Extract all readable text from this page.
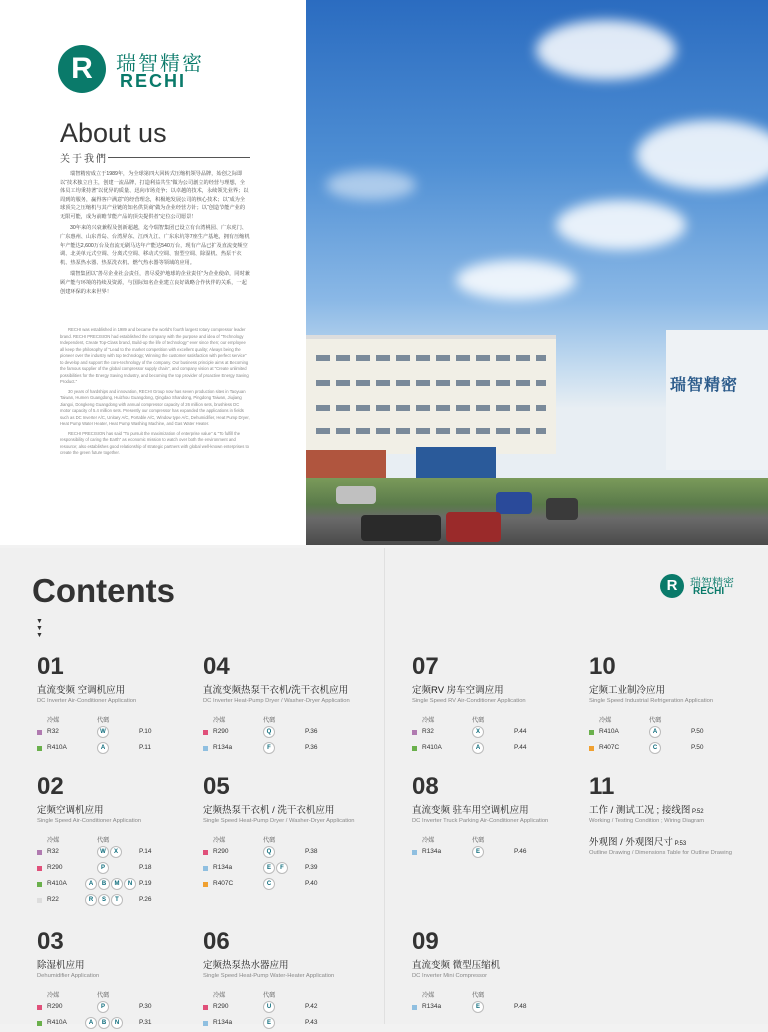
R	瑞智精密
RECHI
About us
关于我們

瑞智精密成立于1989年，为全球第四大回转式压缩机领导品牌，始创之际即以“技术独立自主，创建一流品牌，打造利益共生”做为公司創立的经营与理想，全体员工均秉持著“以优异的质量、迅向市场竞争；以卓越的技术，永续领先业界；以周到的服务，赢得客户满意”的经营理念，积极地发展公司的核心技术；以“成为全球顶尖之压缩机与其产业链的知名供货商”做为企业经营方针；以“创造节能产业的无限可能，成为前瞻节能产品的顶尖提供者”定位公司愿景！

30年来的兴衰兼程及创新超越，迄今瑞智集团已设立有台湾桃园、广东虎门、广东惠州、山东青岛、台湾屏东、江西九江、广东东坑等7座生产基地，拥有压缩机年产能达2,600万台及直流无刷马达年产能达540万台，现有产品已扩及直流变频空调、北美单元式空调、分离式空调、移动式空调、窗型空调、除湿机、热泵干衣机、热泵热水器、热泵洗衣机、燃气热水器等领域的应用。

瑞智集团以“善尽企业社会责任，善尽爱护地球的企业责任”为企业使命，同时兼顾产能与环境的持续及资源，与国际知名企业建立良好战略合作伙伴的关系，一起创建环保的未来世界！

RECHI was established in 1989 and became the world's fourth largest rotary compressor leader brand. RECHI PRECISION had established the company with the purpose and idea of "Technology Independent, Create Top-Class brand, Build-up the life of technology" ever since then; our employee all keep the philosophy of "Lead to the market competition with excellent quality; Always being the pioneer over the industry with top technology; Winning the customer satisfaction with perfect service" to develop and support the core-technology of the company. Our business principle aims at Becoming the famous supplier of the global compressor supply chain", and company vision at "Create unlimited possibilities for the Energy Saving Industry, and becoming the top provider of proactive Energy Saving Product."

30 years of hardships and innovation, RECHI Group now has seven production sites in Taoyuan Taiwan, Humen Guangdong, Huizhou Guangdong, Qingdao Shandong, Pingdong Taiwan, Jiujiang Jiangxi, Dongkeng Guangdong with annual compressor capacity of 26 million sets, brushless DC motor capacity of 5.4 million sets. Presently our compressor has expanded the applications in fields such as DC Inverter A/C, Unitary A/C, Portable A/C, Window type A/C, Dehumidifier, Heat Pump Dryer, Heat Pump Water Heater, Heat Pump Washing Machine, and Gas Water Heater.

RECHI PRECISION has said "To pursuit the maximization of enterprise value" & "To fulfill the responsibility of caring the Earth" as economic mission to watch over both the environment and resource; also establishes good relationship of strategic partners with global well-known enterprises to create the green future together.

瑞智精密
Contents
▼
▼
▼
R	瑞智精密
RECHI
01
直流变频 空调机应用
DC Inverter Air-Conditioner Application
冷媒	代碼
R32	W	P.10
R410A	A	P.11
04
直流变频热泵干衣机/洗干衣机应用
DC Inverter Heat-Pump Dryer / Washer-Dryer Application
冷媒	代碼
R290	Q	P.36
R134a	F	P.36
07
定频RV 房车空调应用
Single Speed RV Air-Conditioner Application
冷媒	代碼
R32	X	P.44
R410A	A	P.44
10
定频工业制冷应用
Single Speed Industrial Refrigeration Application
冷媒	代碼
R410A	A	P.50
R407C	C	P.50
02
定频空调机应用
Single Speed Air-Conditioner Application
冷媒	代碼
R32	W X	P.14
R290	P	P.18
R410A	A B M N	P.19
R22	R S T	P.26
05
定频热泵干衣机 / 洗干衣机应用
Single Speed Heat-Pump Dryer / Washer-Dryer Application
冷媒	代碼
R290	Q	P.38
R134a	E F	P.39
R407C	C	P.40
08
直流变频 驻车用空调机应用
DC Inverter Truck Parking Air-Conditioner Application
冷媒	代碼
R134a	E	P.46
11
工作 / 测试工况 ; 接线图 P.52
Working / Testing Condition ; Wiring Diagram
外观图 / 外观图尺寸 P.53
Outline Drawing / Dimensions Table for Outline Drawing
03
除湿机应用
Dehumidifier Application
冷媒	代碼
R290	P	P.30
R410A	A B N	P.31
06
定频热泵热水器应用
Single Speed Heat-Pump Water-Heater Application
冷媒	代碼
R290	U	P.42
R134a	E	P.43
09
直流变频 微型压缩机
DC Inverter Mini Compressor
冷媒	代碼
R134a	E	P.48
